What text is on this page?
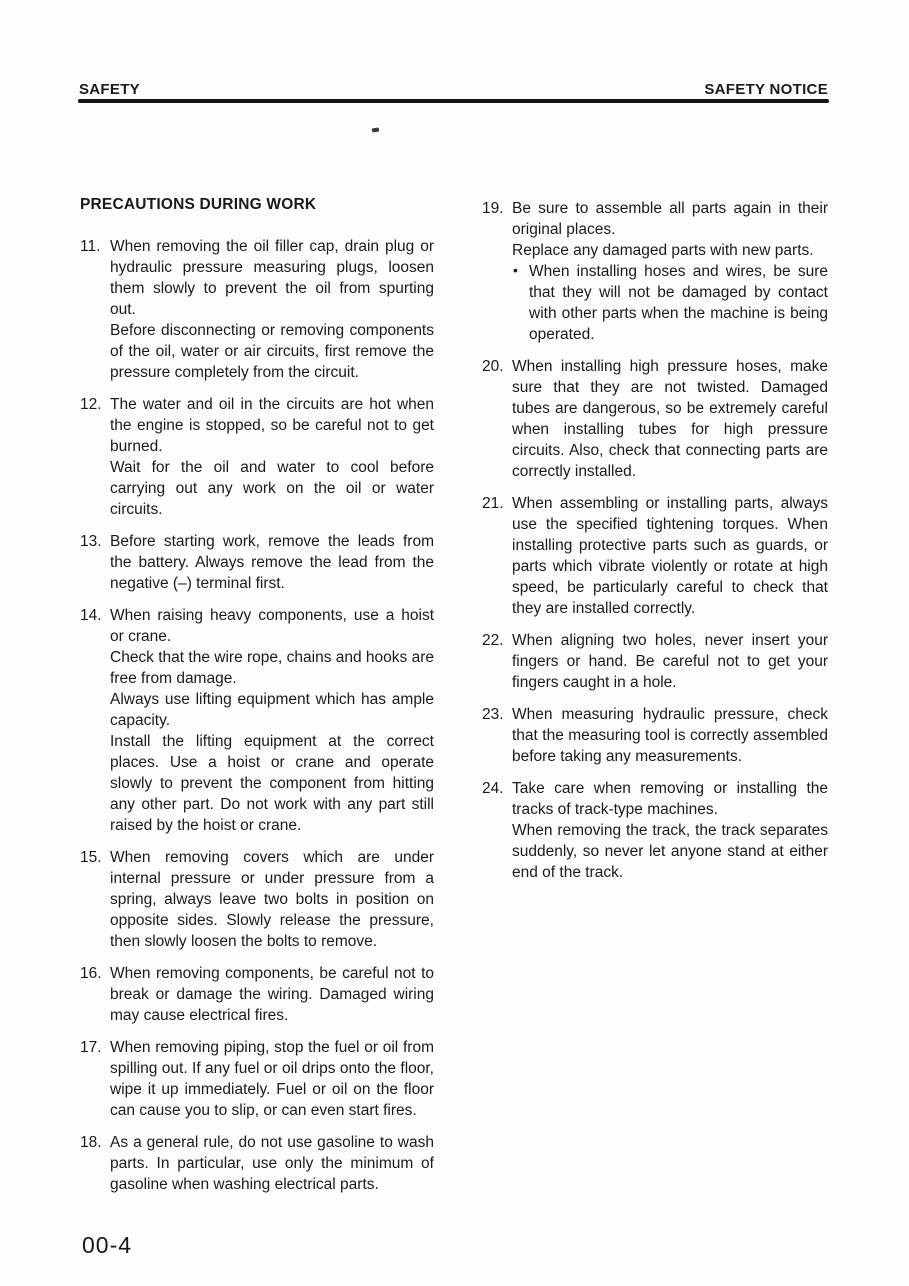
SAFETY	SAFETY NOTICE
PRECAUTIONS DURING WORK
11. When removing the oil filler cap, drain plug or hydraulic pressure measuring plugs, loosen them slowly to prevent the oil from spurting out.

Before disconnecting or removing components of the oil, water or air circuits, first remove the pressure completely from the circuit.

12. The water and oil in the circuits are hot when the engine is stopped, so be careful not to get burned.

Wait for the oil and water to cool before carrying out any work on the oil or water circuits.

13. Before starting work, remove the leads from the battery. Always remove the lead from the negative (–) terminal first.

14. When raising heavy components, use a hoist or crane.

Check that the wire rope, chains and hooks are free from damage.

Always use lifting equipment which has ample capacity.

Install the lifting equipment at the correct places. Use a hoist or crane and operate slowly to prevent the component from hitting any other part. Do not work with any part still raised by the hoist or crane.

15. When removing covers which are under internal pressure or under pressure from a spring, always leave two bolts in position on opposite sides. Slowly release the pressure, then slowly loosen the bolts to remove.

16. When removing components, be careful not to break or damage the wiring. Damaged wiring may cause electrical fires.

17. When removing piping, stop the fuel or oil from spilling out. If any fuel or oil drips onto the floor, wipe it up immediately. Fuel or oil on the floor can cause you to slip, or can even start fires.

18. As a general rule, do not use gasoline to wash parts. In particular, use only the minimum of gasoline when washing electrical parts.

19. Be sure to assemble all parts again in their original places.

Replace any damaged parts with new parts.

• When installing hoses and wires, be sure that they will not be damaged by contact with other parts when the machine is being operated.

20. When installing high pressure hoses, make sure that they are not twisted. Damaged tubes are dangerous, so be extremely careful when installing tubes for high pressure circuits. Also, check that connecting parts are correctly installed.

21. When assembling or installing parts, always use the specified tightening torques. When installing protective parts such as guards, or parts which vibrate violently or rotate at high speed, be particularly careful to check that they are installed correctly.

22. When aligning two holes, never insert your fingers or hand. Be careful not to get your fingers caught in a hole.

23. When measuring hydraulic pressure, check that the measuring tool is correctly assembled before taking any measurements.

24. Take care when removing or installing the tracks of track-type machines.

When removing the track, the track separates suddenly, so never let anyone stand at either end of the track.

00-4
